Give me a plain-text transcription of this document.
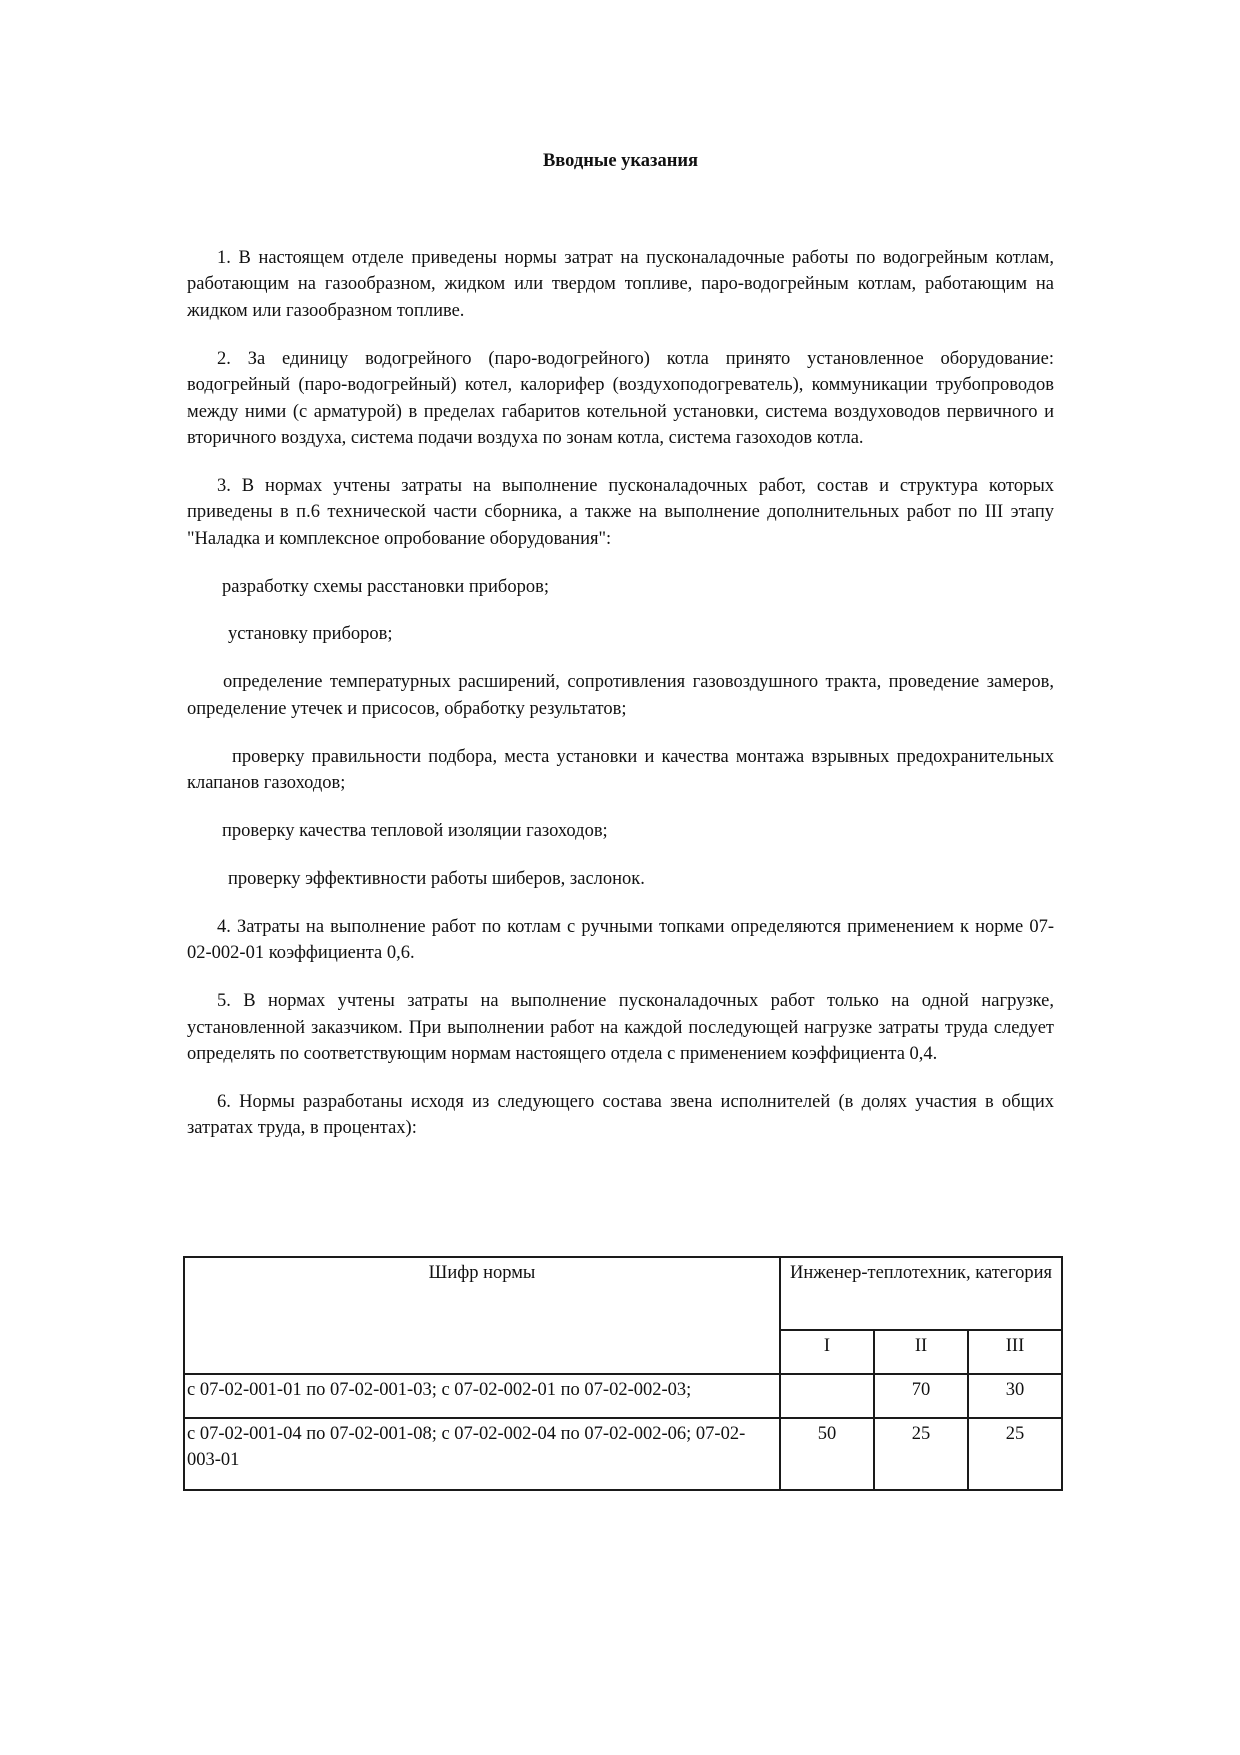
Вводные указания

1. В настоящем отделе приведены нормы затрат на пусконаладочные работы по водогрейным котлам, работающим на газообразном, жидком или твердом топливе, паро-водогрейным котлам, работающим на жидком или газообразном топливе.

2. За единицу водогрейного (паро-водогрейного) котла принято установленное оборудование: водогрейный (паро-водогрейный) котел, калорифер (воздухоподогреватель), коммуникации трубопроводов между ними (с арматурой) в пределах габаритов котельной установки, система воздуховодов первичного и вторичного воздуха, система подачи воздуха по зонам котла, система газоходов котла.

3. В нормах учтены затраты на выполнение пусконаладочных работ, состав и структура которых приведены в п.6 технической части сборника, а также на выполнение дополнительных работ по III этапу "Наладка и комплексное опробование оборудования":

разработку схемы расстановки приборов;

установку приборов;

определение температурных расширений, сопротивления газовоздушного тракта, проведение замеров, определение утечек и присосов, обработку результатов;

проверку правильности подбора, места установки и качества монтажа взрывных предохранительных клапанов газоходов;

проверку качества тепловой изоляции газоходов;

проверку эффективности работы шиберов, заслонок.

4. Затраты на выполнение работ по котлам с ручными топками определяются применением к норме 07-02-002-01 коэффициента 0,6.

5. В нормах учтены затраты на выполнение пусконаладочных работ только на одной нагрузке, установленной заказчиком. При выполнении работ на каждой последующей нагрузке затраты труда следует определять по соответствующим нормам настоящего отдела с применением коэффициента 0,4.

6. Нормы разработаны исходя из следующего состава звена исполнителей (в долях участия в общих затратах труда, в процентах):

Шифр нормы	Инженер-теплотехник, категория		
	I	II	III
с 07-02-001-01 по 07-02-001-03; с 07-02-002-01 по 07-02-002-03;		70	30
с 07-02-001-04 по 07-02-001-08; с 07-02-002-04 по 07-02-002-06; 07-02-003-01	50	25	25
